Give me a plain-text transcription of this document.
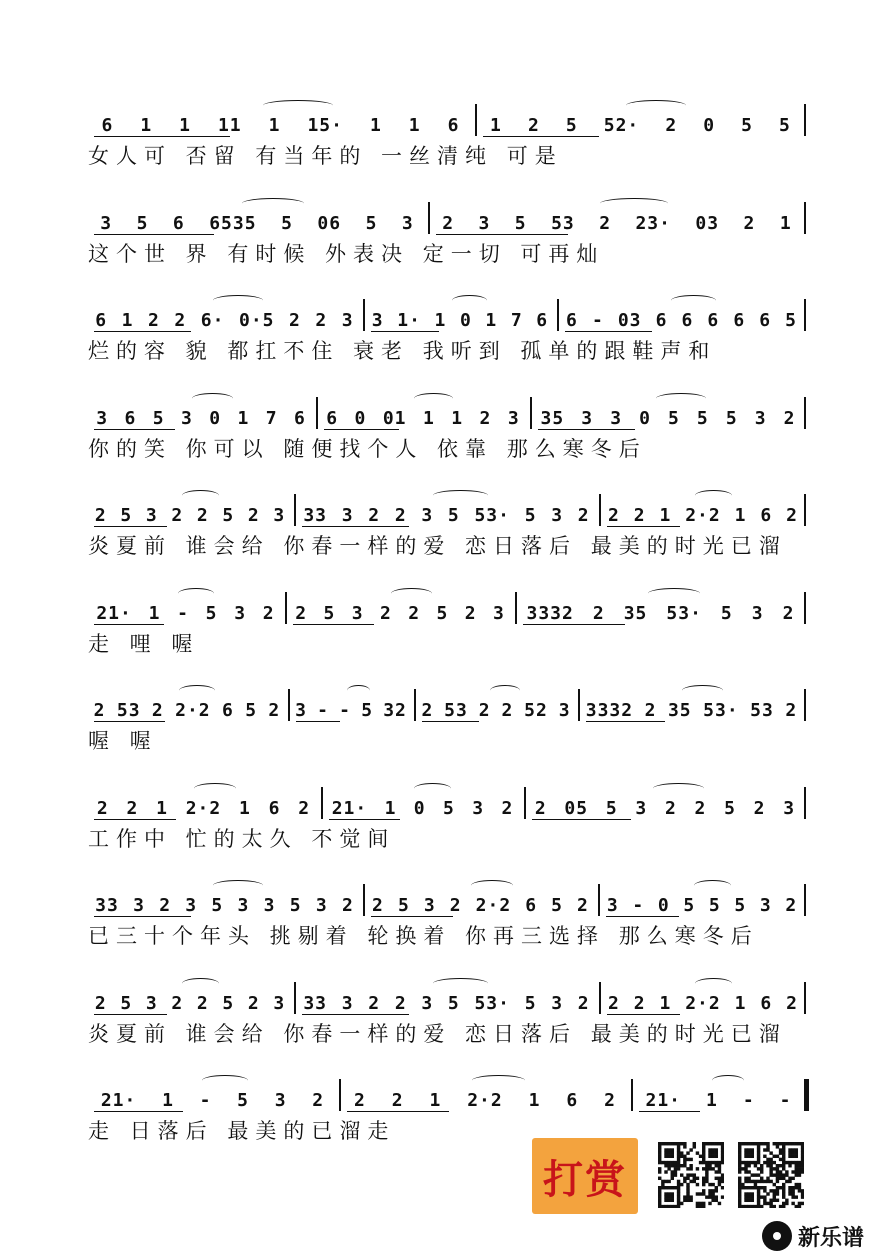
6 1 1 11 1 15· 1 1 6 1 2 5 52· 2 0 5 5
女人可 否留 有当年的 一丝清纯 可是
3 5 6 6535 5 06 5 3 2 3 5 53 2 23· 03 2 1
这个世 界 有时候 外表决 定一切 可再灿
6 1 2 2 6· 0·5 2 2 3 3 1· 1 0 1 7 6 6 - 03 6 6 6 6 6 5
烂的容 貌 都扛不住 衰老 我听到 孤单的跟鞋声和
3 6 5 3 0 1 7 6 6 0 01 1 1 2 3 35 3 3 0 5 5 5 3 2
你的笑 你可以 随便找个人 依靠 那么寒冬后
2 5 3 2 2 5 2 3 33 3 2 2 3 5 53· 5 3 2 2 2 1 2·2 1 6 2
炎夏前 谁会给 你春一样的爱 恋日落后 最美的时光已溜
21· 1 - 5 3 2 2 5 3 2 2 5 2 3 3332 2 35 53· 5 3 2
走 哩 喔
2 53 2 2·2 6 5 2 3 - - 5 32 2 53 2 2 52 3 3332 2 35 53· 53 2
喔 喔
2 2 1 2·2 1 6 2 21· 1 0 5 3 2 2 05 5 3 2 2 5 2 3
工作中 忙的太久 不觉间
33 3 2 3 5 3 3 5 3 2 2 5 3 2 2·2 6 5 2 3 - 0 5 5 5 3 2
已三十个年头 挑剔着 轮换着 你再三选择 那么寒冬后
2 5 3 2 2 5 2 3 33 3 2 2 3 5 53· 5 3 2 2 2 1 2·2 1 6 2
炎夏前 谁会给 你春一样的爱 恋日落后 最美的时光已溜
21· 1 - 5 3 2 2 2 1 2·2 1 6 2 21· 1 - -
走 日落后 最美的已溜走
打赏
新乐谱
